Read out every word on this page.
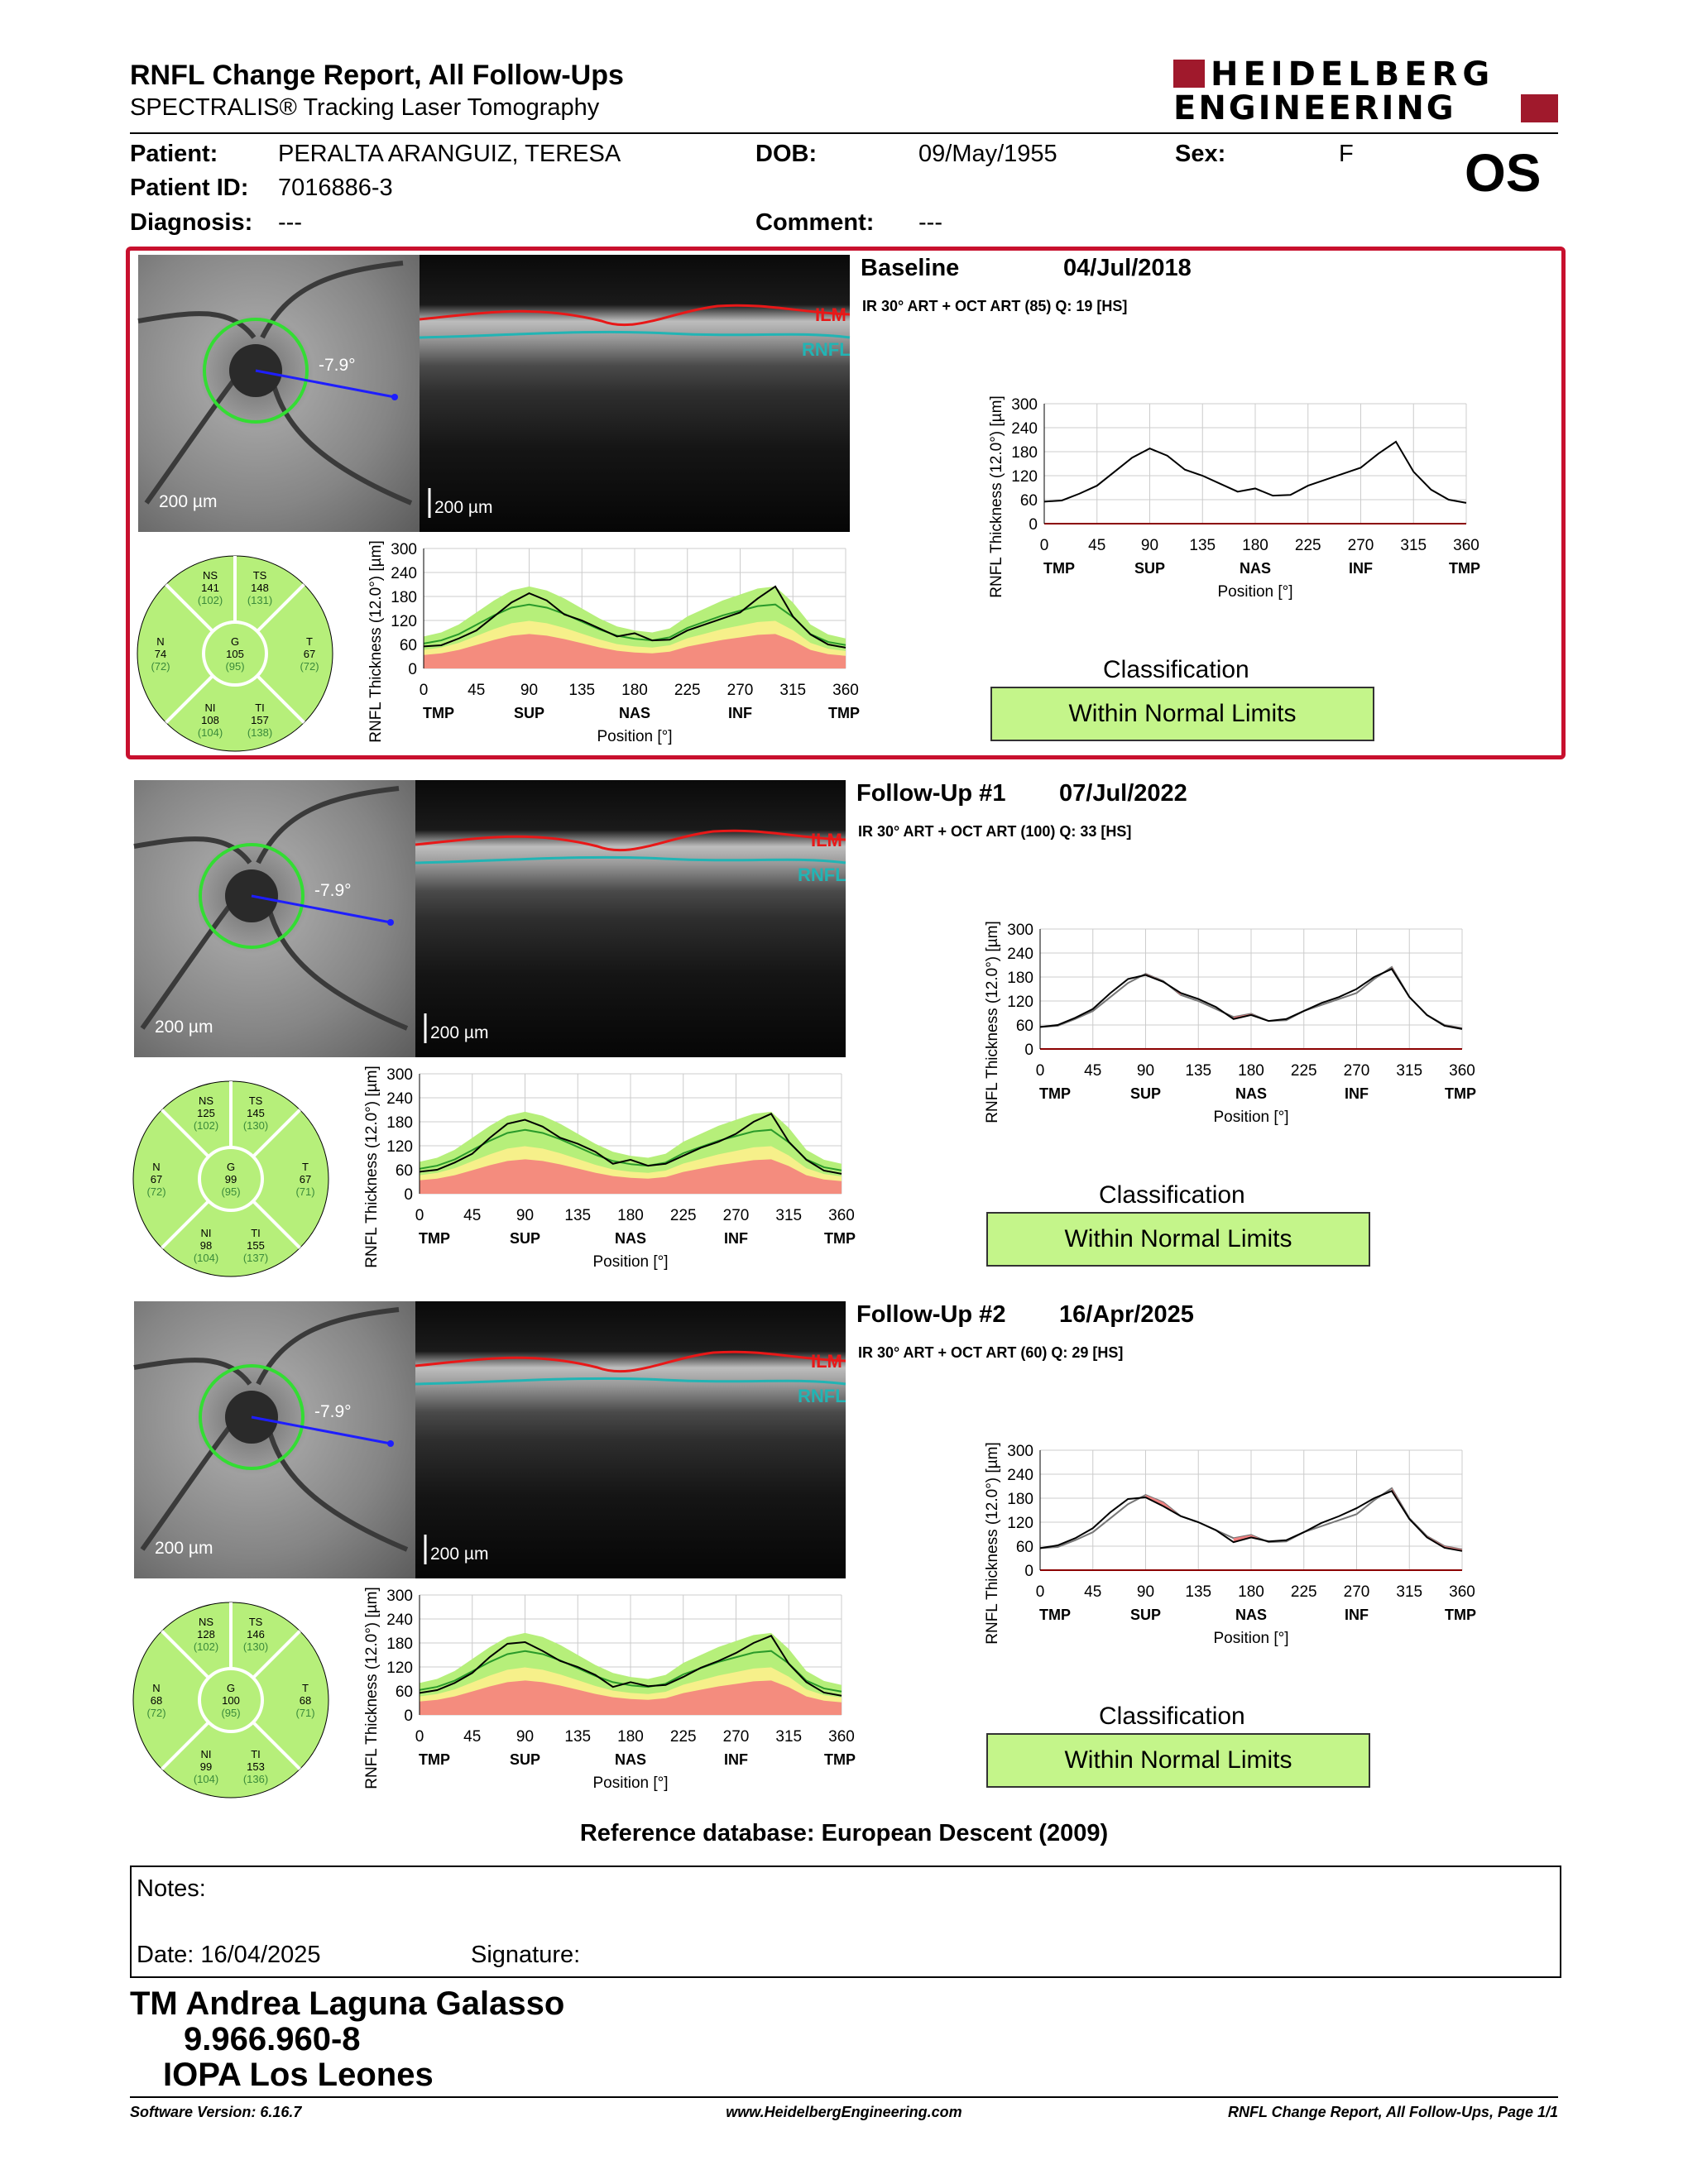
RNFL Change Report, All Follow-Ups
SPECTRALIS® Tracking Laser Tomography
HEIDELBERG
ENGINEERING
Patient:	PERALTA ARANGUIZ, TERESA	DOB:	09/May/1955	Sex:	F OS
Patient ID: 7016886-3
Diagnosis: ---	Comment: ---
-7.9°
200 µm
ILM
RNFL
200 µm
NS
141
(102)
TS
148
(131)
N
74
(72)
G
105
(95)
T
67
(72)
NI
108
(104)
TI
157
(138)
300
240
180
120
60
0
0	45 90 135 180 225 270 315 360
TMP	SUP	NAS	INF	TMP
Position [°]
RNFL Thickness (12.0°) [µm]
Baseline	04/Jul/2018
IR 30° ART + OCT ART (85) Q: 19 [HS]
300
240
180
120
60
0
0	45 90 135 180 225 270 315 360
TMP	SUP	NAS	INF	TMP
Position [°]
RNFL Thickness (12.0°) [µm]
Classification
Within Normal Limits
-7.9°
200 µm
ILM
RNFL
200 µm
NS
125
(102)
TS
145
(130)
N
67
(72)
G
99
(95)
T
67
(71)
NI
98
(104)
TI
155
(137)
300
240
180
120
60
0
0	45 90 135 180 225 270 315 360
TMP	SUP	NAS	INF	TMP
Position [°]
RNFL Thickness (12.0°) [µm]
Follow-Up #1 07/Jul/2022
IR 30° ART + OCT ART (100) Q: 33 [HS]
300
240
180
120
60
0
0	45 90 135 180 225 270 315 360
TMP	SUP	NAS	INF	TMP
Position [°]
RNFL Thickness (12.0°) [µm]
Classification
Within Normal Limits
-7.9°
200 µm
ILM
RNFL
200 µm
NS
128
(102)
TS
146
(130)
N
68
(72)
G
100
(95)
T
68
(71)
NI
99
(104)
TI
153
(136)
300
240
180
120
60
0
0	45 90 135 180 225 270 315 360
TMP	SUP	NAS	INF	TMP
Position [°]
RNFL Thickness (12.0°) [µm]
Follow-Up #2 16/Apr/2025
IR 30° ART + OCT ART (60) Q: 29 [HS]
300
240
180
120
60
0
0	45 90 135 180 225 270 315 360
TMP	SUP	NAS	INF	TMP
Position [°]
RNFL Thickness (12.0°) [µm]
Classification
Within Normal Limits
Reference database: European Descent (2009)
Notes:
Date: 16/04/2025	Signature:
TM Andrea Laguna Galasso
9.966.960-8
IOPA Los Leones
Software Version: 6.16.7	www.HeidelbergEngineering.com	RNFL Change Report, All Follow-Ups, Page 1/1
